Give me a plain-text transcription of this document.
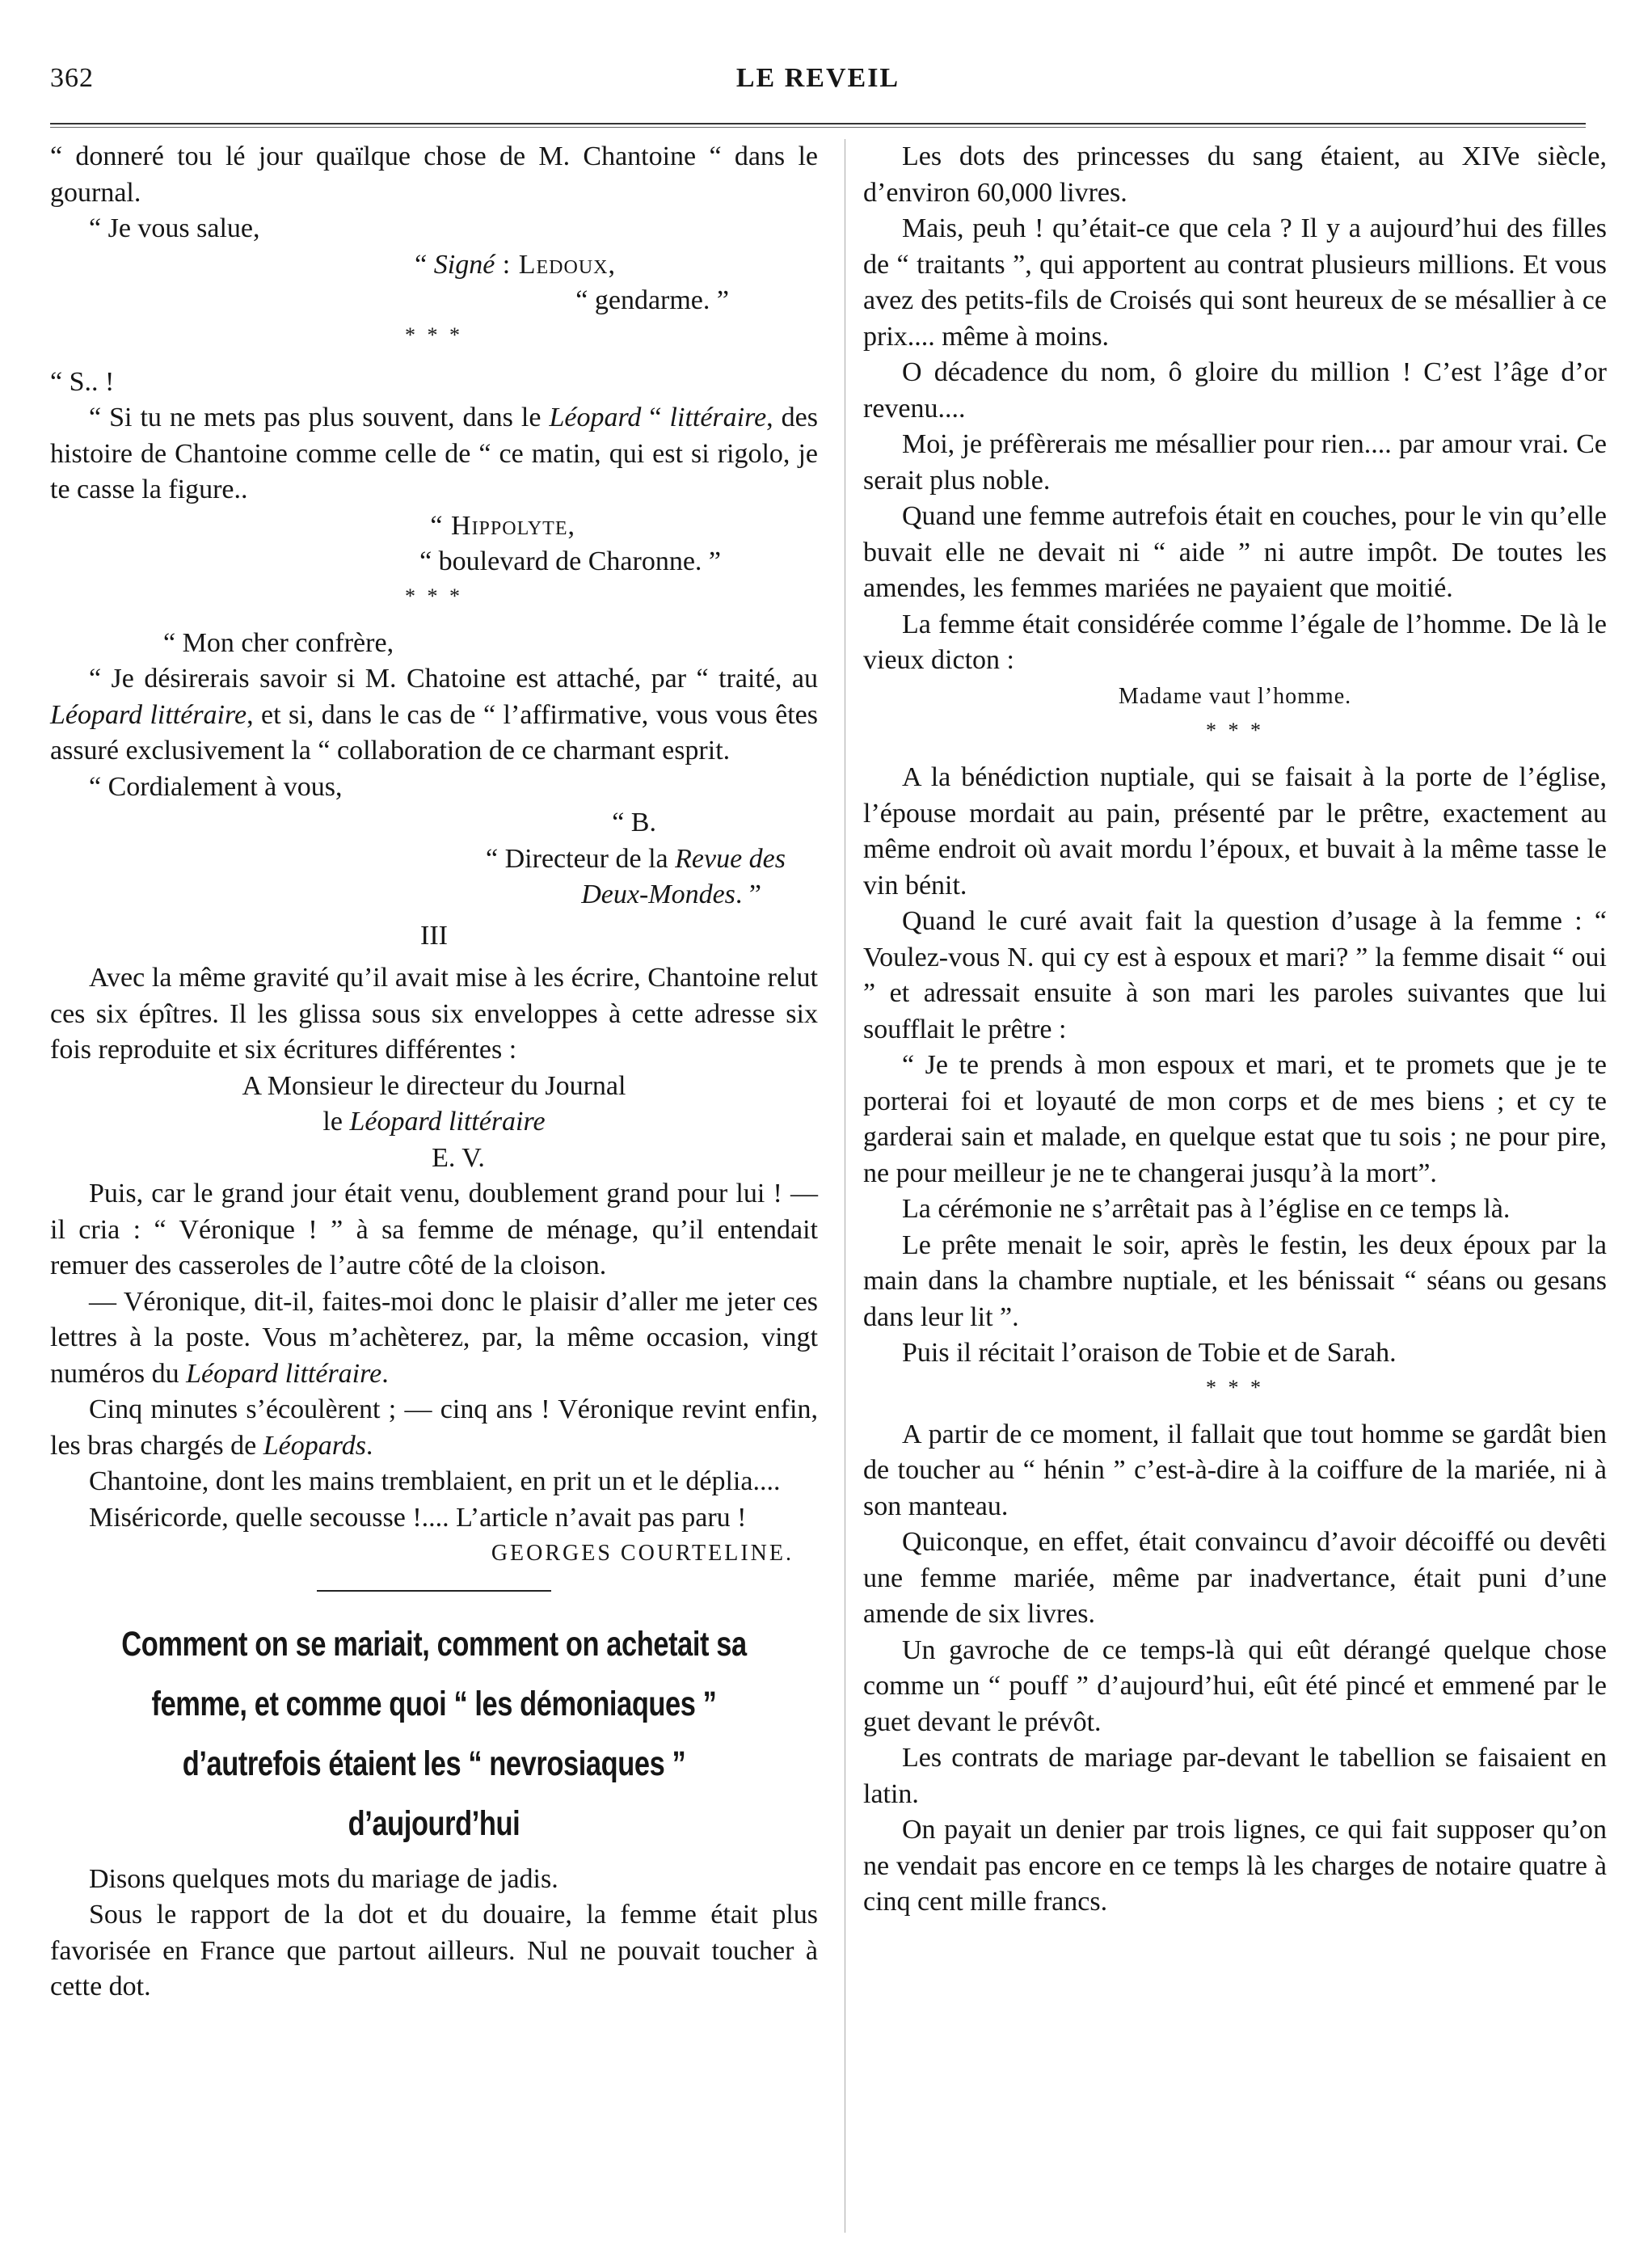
362	LE REVEIL

“ donneré tou lé jour quaïlque chose de M. Chantoine “ dans le gournal.

“ Je vous salue,

“ Signé : Ledoux,

“ gendarme. ”

* * *

“ S.. !

“ Si tu ne mets pas plus souvent, dans le Léopard “ littéraire, des histoire de Chantoine comme celle de “ ce matin, qui est si rigolo, je te casse la figure..

“ Hippolyte,

“ boulevard de Charonne. ”

* * *

“ Mon cher confrère,

“ Je désirerais savoir si M. Chatoine est attaché, par “ traité, au Léopard littéraire, et si, dans le cas de “ l’affirmative, vous vous êtes assuré exclusivement la “ collaboration de ce charmant esprit.

“ Cordialement à vous,

“ B.

“ Directeur de la Revue des

Deux-Mondes. ”

III

Avec la même gravité qu’il avait mise à les écrire, Chantoine relut ces six épîtres. Il les glissa sous six enveloppes à cette adresse six fois reproduite et six écritures différentes :

A Monsieur le directeur du Journal

le Léopard littéraire

E. V.

Puis, car le grand jour était venu, doublement grand pour lui ! — il cria : “ Véronique ! ” à sa femme de ménage, qu’il entendait remuer des casseroles de l’autre côté de la cloison.

— Véronique, dit-il, faites-moi donc le plaisir d’aller me jeter ces lettres à la poste. Vous m’achèterez, par, la même occasion, vingt numéros du Léopard littéraire.

Cinq minutes s’écoulèrent ; — cinq ans ! Véronique revint enfin, les bras chargés de Léopards.

Chantoine, dont les mains tremblaient, en prit un et le déplia....

Miséricorde, quelle secousse !.... L’article n’avait pas paru !

GEORGES COURTELINE.

Comment on se mariait, comment on achetait sa
femme, et comme quoi “ les démoniaques ”
d’autrefois étaient les “ nevrosiaques ”
d’aujourd’hui

Disons quelques mots du mariage de jadis.

Sous le rapport de la dot et du douaire, la femme était plus favorisée en France que partout ailleurs. Nul ne pouvait toucher à cette dot.

Les dots des princesses du sang étaient, au XIVe siècle, d’environ 60,000 livres.

Mais, peuh ! qu’était-ce que cela ? Il y a aujourd’hui des filles de “ traitants ”, qui apportent au contrat plusieurs millions. Et vous avez des petits-fils de Croisés qui sont heureux de se mésallier à ce prix.... même à moins.

O décadence du nom, ô gloire du million ! C’est l’âge d’or revenu....

Moi, je préfèrerais me mésallier pour rien.... par amour vrai. Ce serait plus noble.

Quand une femme autrefois était en couches, pour le vin qu’elle buvait elle ne devait ni “ aide ” ni autre impôt. De toutes les amendes, les femmes mariées ne payaient que moitié.

La femme était considérée comme l’égale de l’homme. De là le vieux dicton :

Madame vaut l’homme.

* * *

A la bénédiction nuptiale, qui se faisait à la porte de l’église, l’épouse mordait au pain, présenté par le prêtre, exactement au même endroit où avait mordu l’époux, et buvait à la même tasse le vin bénit.

Quand le curé avait fait la question d’usage à la femme : “ Voulez-vous N. qui cy est à espoux et mari? ” la femme disait “ oui ” et adressait ensuite à son mari les paroles suivantes que lui soufflait le prêtre :

“ Je te prends à mon espoux et mari, et te promets que je te porterai foi et loyauté de mon corps et de mes biens ; et cy te garderai sain et malade, en quelque estat que tu sois ; ne pour pire, ne pour meilleur je ne te changerai jusqu’à la mort”.

La cérémonie ne s’arrêtait pas à l’église en ce temps là.

Le prête menait le soir, après le festin, les deux époux par la main dans la chambre nuptiale, et les bénissait “ séans ou gesans dans leur lit ”.

Puis il récitait l’oraison de Tobie et de Sarah.

* * *

A partir de ce moment, il fallait que tout homme se gardât bien de toucher au “ hénin ” c’est-à-dire à la coiffure de la mariée, ni à son manteau.

Quiconque, en effet, était convaincu d’avoir décoiffé ou devêti une femme mariée, même par inadvertance, était puni d’une amende de six livres.

Un gavroche de ce temps-là qui eût dérangé quelque chose comme un “ pouff ” d’aujourd’hui, eût été pincé et emmené par le guet devant le prévôt.

Les contrats de mariage par-devant le tabellion se faisaient en latin.

On payait un denier par trois lignes, ce qui fait supposer qu’on ne vendait pas encore en ce temps là les charges de notaire quatre à cinq cent mille francs.
